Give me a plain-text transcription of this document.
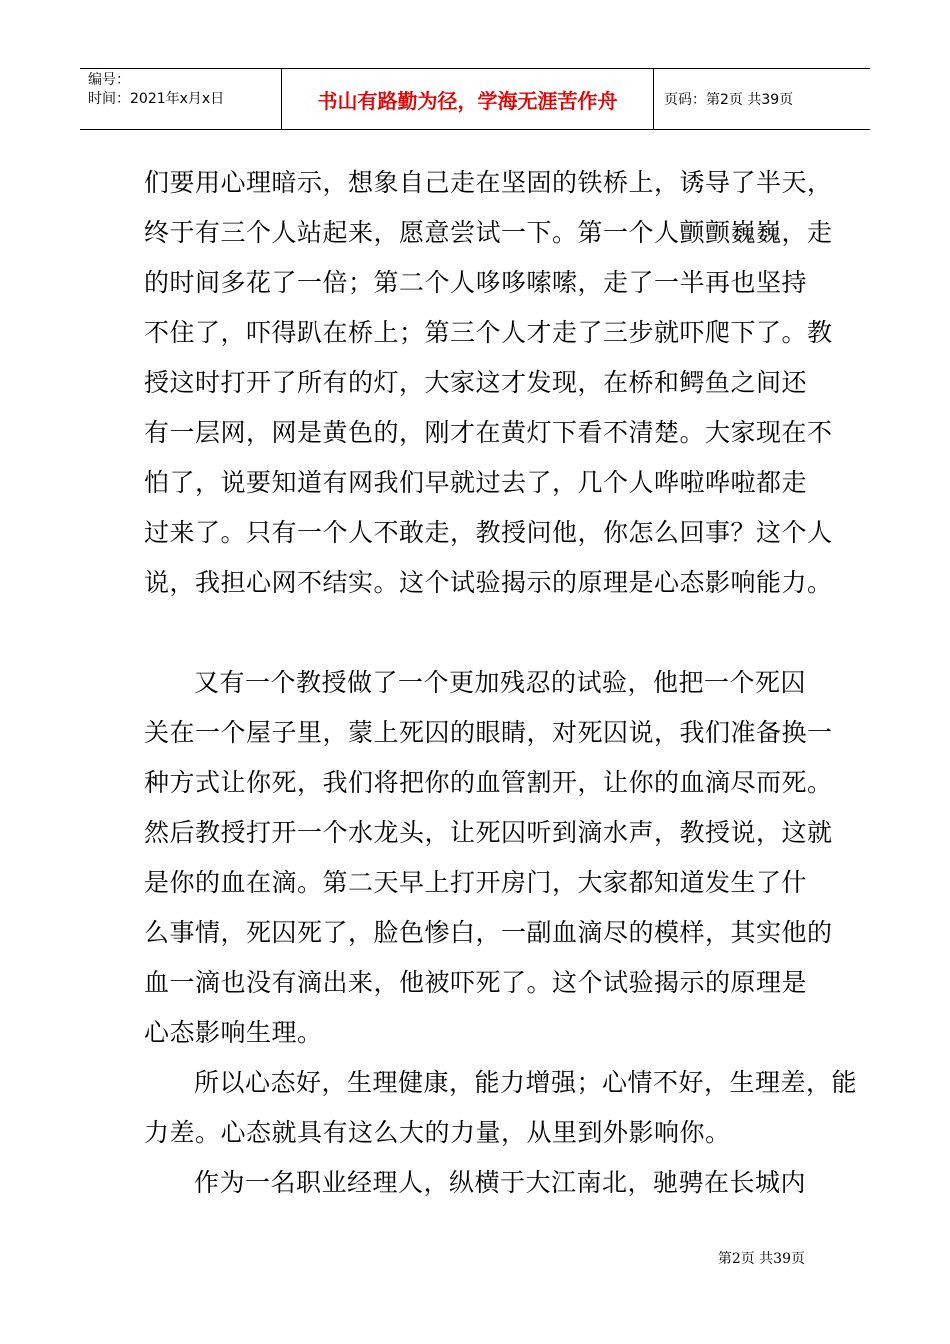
编号：
时间：2021年x月x日	书山有路勤为径，学海无涯苦作舟	页码：第2页 共39页
们要用心理暗示，想象自己走在坚固的铁桥上，诱导了半天，
终于有三个人站起来，愿意尝试一下。第一个人颤颤巍巍，走
的时间多花了一倍；第二个人哆哆嗦嗦，走了一半再也坚持
不住了，吓得趴在桥上；第三个人才走了三步就吓爬下了。教
授这时打开了所有的灯，大家这才发现，在桥和鳄鱼之间还
有一层网，网是黄色的，刚才在黄灯下看不清楚。大家现在不
怕了，说要知道有网我们早就过去了，几个人哗啦哗啦都走
过来了。只有一个人不敢走，教授问他，你怎么回事？这个人
说，我担心网不结实。这个试验揭示的原理是心态影响能力。
又有一个教授做了一个更加残忍的试验，他把一个死囚
关在一个屋子里，蒙上死囚的眼睛，对死囚说，我们准备换一
种方式让你死，我们将把你的血管割开，让你的血滴尽而死。
然后教授打开一个水龙头，让死囚听到滴水声，教授说，这就
是你的血在滴。第二天早上打开房门，大家都知道发生了什
么事情，死囚死了，脸色惨白，一副血滴尽的模样，其实他的
血一滴也没有滴出来，他被吓死了。这个试验揭示的原理是
心态影响生理。
所以心态好，生理健康，能力增强；心情不好，生理差，能
力差。心态就具有这么大的力量，从里到外影响你。
作为一名职业经理人，纵横于大江南北，驰骋在长城内
第2页 共39页
